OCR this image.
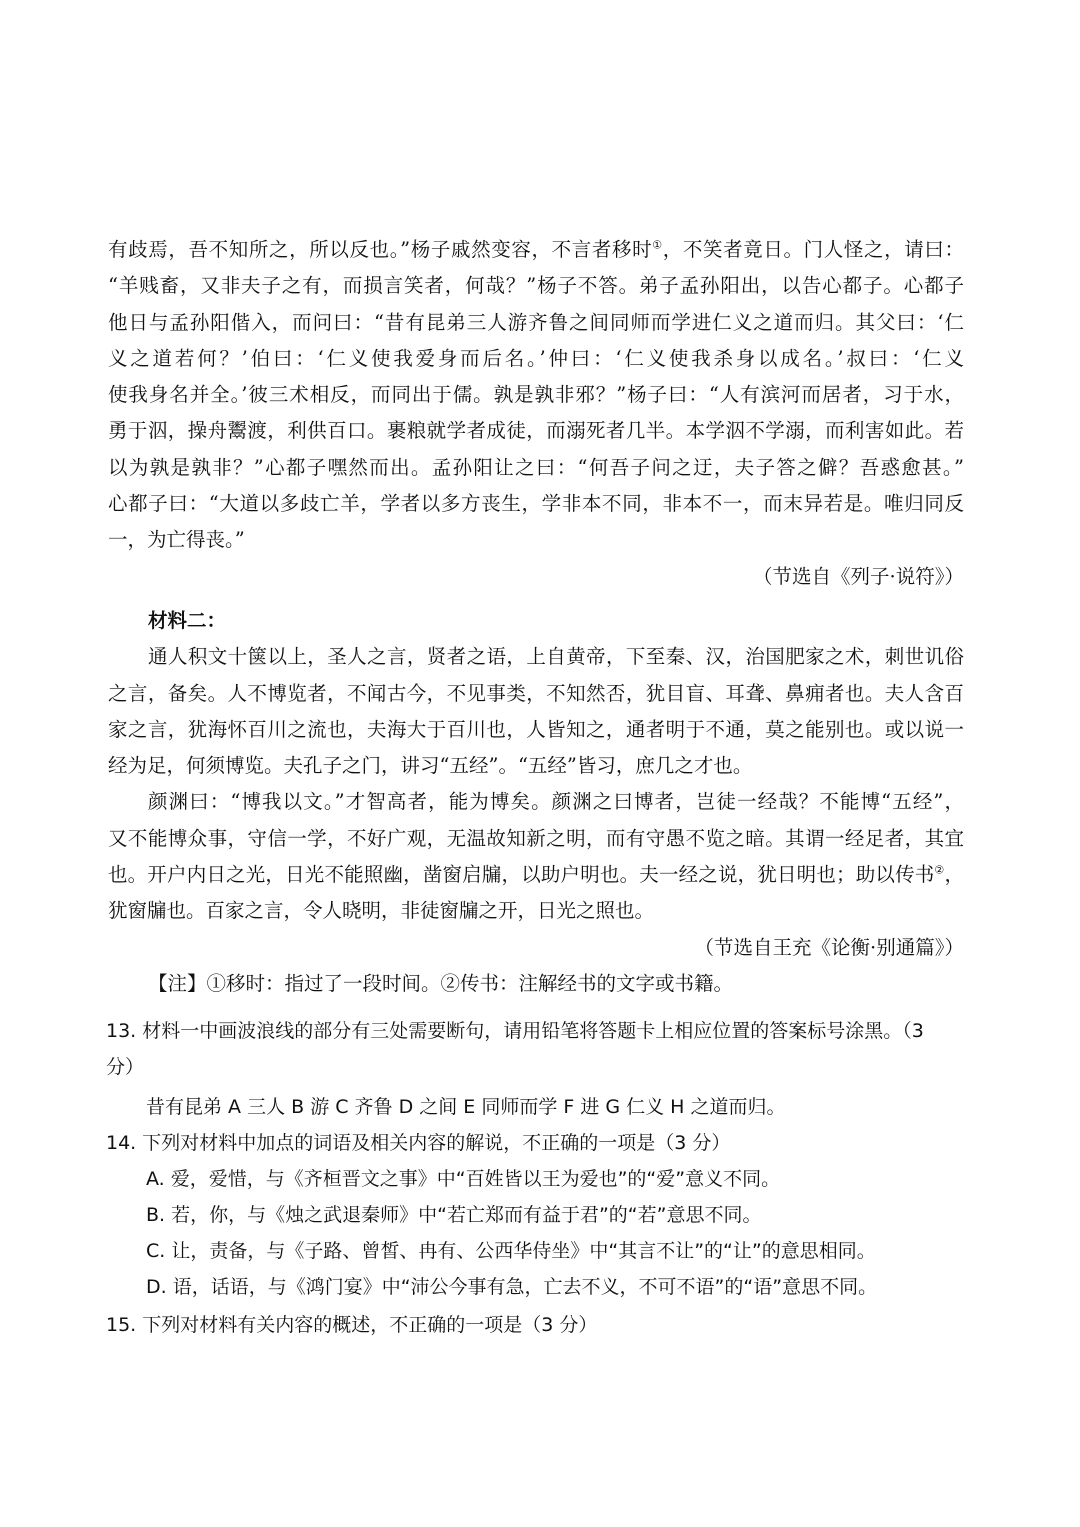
有歧焉，吾不知所之，所以反也。”杨子戚然变容，不言者移时①，不笑者竟日。门人怪之，请曰：
“羊贱畜，又非夫子之有，而损言笑者，何哉？”杨子不答。弟子孟孙阳出，以告心都子。心都子
他日与孟孙阳偕入，而问曰：“昔有昆弟三人游齐鲁之间同师而学进仁义之道而归。其父曰：‘仁
义之道若何？’伯曰：‘仁义使我爱身而后名。’仲曰：‘仁义使我杀身以成名。’叔曰：‘仁义
使我身名并全。’彼三术相反，而同出于儒。孰是孰非邪？”杨子曰：“人有滨河而居者，习于水，
勇于泅，操舟鬻渡，利供百口。裹粮就学者成徒，而溺死者几半。本学泅不学溺，而利害如此。若
以为孰是孰非？”心都子嘿然而出。孟孙阳让之曰：“何吾子问之迂，夫子答之僻？吾惑愈甚。”
心都子曰：“大道以多歧亡羊，学者以多方丧生，学非本不同，非本不一，而末异若是。唯归同反
一，为亡得丧。”
（节选自《列子·说符》）
材料二：
通人积文十箧以上，圣人之言，贤者之语，上自黄帝，下至秦、汉，治国肥家之术，刺世讥俗
之言，备矣。人不博览者，不闻古今，不见事类，不知然否，犹目盲、耳聋、鼻痈者也。夫人含百
家之言，犹海怀百川之流也，夫海大于百川也，人皆知之，通者明于不通，莫之能别也。或以说一
经为足，何须博览。夫孔子之门，讲习“五经”。“五经”皆习，庶几之才也。
颜渊曰：“博我以文。”才智高者，能为博矣。颜渊之曰博者，岂徒一经哉？不能博“五经”，
又不能博众事，守信一学，不好广观，无温故知新之明，而有守愚不览之暗。其谓一经足者，其宜
也。开户内日之光，日光不能照幽，凿窗启牖，以助户明也。夫一经之说，犹日明也；助以传书②，
犹窗牖也。百家之言，令人晓明，非徒窗牖之开，日光之照也。
（节选自王充《论衡·别通篇》）
【注】①移时：指过了一段时间。②传书：注解经书的文字或书籍。
13. 材料一中画波浪线的部分有三处需要断句，请用铅笔将答题卡上相应位置的答案标号涂黑。（3
分）
昔有昆弟 A 三人 B 游 C 齐鲁 D 之间 E 同师而学 F 进 G 仁义 H 之道而归。
14. 下列对材料中加点的词语及相关内容的解说，不正确的一项是（3 分）
A. 爱，爱惜，与《齐桓晋文之事》中“百姓皆以王为爱也”的“爱”意义不同。
B. 若，你，与《烛之武退秦师》中“若亡郑而有益于君”的“若”意思不同。
C. 让，责备，与《子路、曾皙、冉有、公西华侍坐》中“其言不让”的“让”的意思相同。
D. 语，话语，与《鸿门宴》中“沛公今事有急，亡去不义，不可不语”的“语”意思不同。
15. 下列对材料有关内容的概述，不正确的一项是（3 分）
